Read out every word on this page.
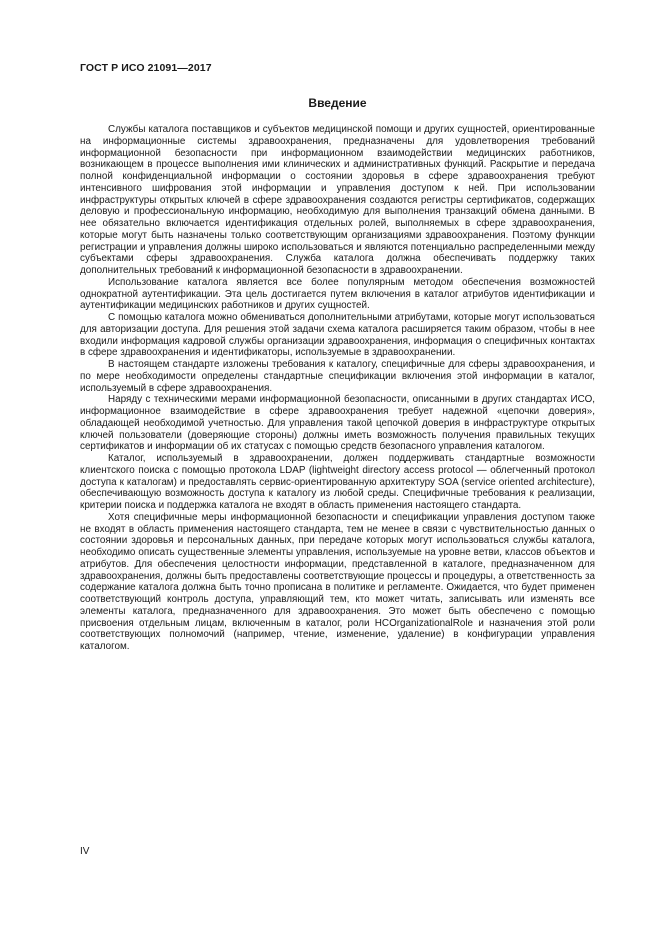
ГОСТ Р ИСО 21091—2017
Введение

Службы каталога поставщиков и субъектов медицинской помощи и других сущностей, ориентированные на информационные системы здравоохранения, предназначены для удовлетворения требований информационной безопасности при информационном взаимодействии медицинских работников, возникающем в процессе выполнения ими клинических и административных функций. Раскрытие и передача полной конфиденциальной информации о состоянии здоровья в сфере здравоохранения требуют интенсивного шифрования этой информации и управления доступом к ней. При использовании инфраструктуры открытых ключей в сфере здравоохранения создаются регистры сертификатов, содержащих деловую и профессиональную информацию, необходимую для выполнения транзакций обмена данными. В нее обязательно включается идентификация отдельных ролей, выполняемых в сфере здравоохранения, которые могут быть назначены только соответствующим организациями здравоохранения. Поэтому функции регистрации и управления должны широко использоваться и являются потенциально распределенными между субъектами сферы здравоохранения. Служба каталога должна обеспечивать поддержку таких дополнительных требований к информационной безопасности в здравоохранении.

Использование каталога является все более популярным методом обеспечения возможностей однократной аутентификации. Эта цель достигается путем включения в каталог атрибутов идентификации и аутентификации медицинских работников и других сущностей.

С помощью каталога можно обмениваться дополнительными атрибутами, которые могут использоваться для авторизации доступа. Для решения этой задачи схема каталога расширяется таким образом, чтобы в нее входили информация кадровой службы организации здравоохранения, информация о специфичных контактах в сфере здравоохранения и идентификаторы, используемые в здравоохранении.

В настоящем стандарте изложены требования к каталогу, специфичные для сферы здравоохранения, и по мере необходимости определены стандартные спецификации включения этой информации в каталог, используемый в сфере здравоохранения.

Наряду с техническими мерами информационной безопасности, описанными в других стандартах ИСО, информационное взаимодействие в сфере здравоохранения требует надежной «цепочки доверия», обладающей необходимой учетностью. Для управления такой цепочкой доверия в инфраструктуре открытых ключей пользователи (доверяющие стороны) должны иметь возможность получения правильных текущих сертификатов и информации об их статусах с помощью средств безопасного управления каталогом.

Каталог, используемый в здравоохранении, должен поддерживать стандартные возможности клиентского поиска с помощью протокола LDAP (lightweight directory access protocol — облегченный протокол доступа к каталогам) и предоставлять сервис-ориентированную архитектуру SOA (service oriented architecture), обеспечивающую возможность доступа к каталогу из любой среды. Специфичные требования к реализации, критерии поиска и поддержка каталога не входят в область применения настоящего стандарта.

Хотя специфичные меры информационной безопасности и спецификации управления доступом также не входят в область применения настоящего стандарта, тем не менее в связи с чувствительностью данных о состоянии здоровья и персональных данных, при передаче которых могут использоваться службы каталога, необходимо описать существенные элементы управления, используемые на уровне ветви, классов объектов и атрибутов. Для обеспечения целостности информации, представленной в каталоге, предназначенном для здравоохранения, должны быть предоставлены соответствующие процессы и процедуры, а ответственность за содержание каталога должна быть точно прописана в политике и регламенте. Ожидается, что будет применен соответствующий контроль доступа, управляющий тем, кто может читать, записывать или изменять все элементы каталога, предназначенного для здравоохранения. Это может быть обеспечено с помощью присвоения отдельным лицам, включенным в каталог, роли HCOrganizationalRole и назначения этой роли соответствующих полномочий (например, чтение, изменение, удаление) в конфигурации управления каталогом.

IV
